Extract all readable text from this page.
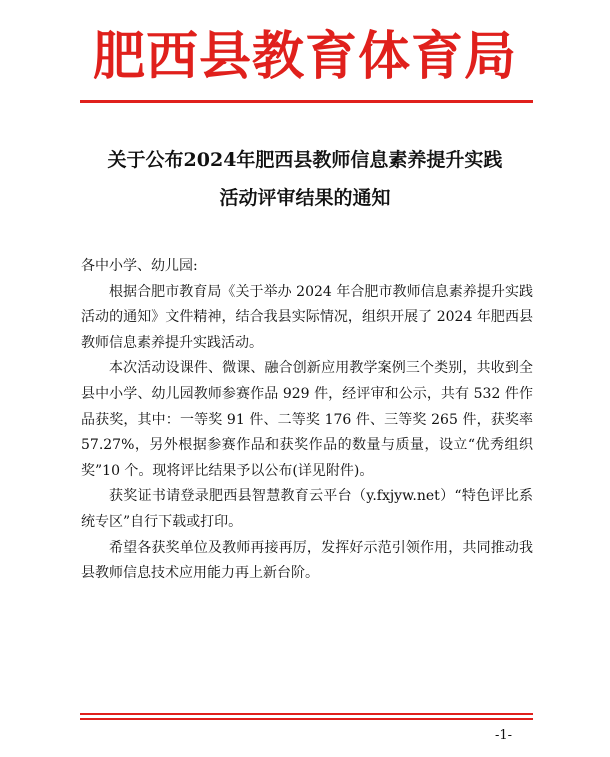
肥西县教育体育局
关于公布2024年肥西县教师信息素养提升实践
活动评审结果的通知

各中小学、幼儿园:

根据合肥市教育局《关于举办 2024 年合肥市教师信息素养提升实践活动的通知》文件精神，结合我县实际情况，组织开展了 2024 年肥西县教师信息素养提升实践活动。

本次活动设课件、微课、融合创新应用教学案例三个类别，共收到全县中小学、幼儿园教师参赛作品 929 件，经评审和公示，共有 532 件作品获奖，其中：一等奖 91 件、二等奖 176 件、三等奖 265 件，获奖率 57.27%，另外根据参赛作品和获奖作品的数量与质量，设立“优秀组织奖”10 个。现将评比结果予以公布(详见附件)。

获奖证书请登录肥西县智慧教育云平台（y.fxjyw.net）“特色评比系统专区”自行下载或打印。

希望各获奖单位及教师再接再厉，发挥好示范引领作用，共同推动我县教师信息技术应用能力再上新台阶。

-1-
